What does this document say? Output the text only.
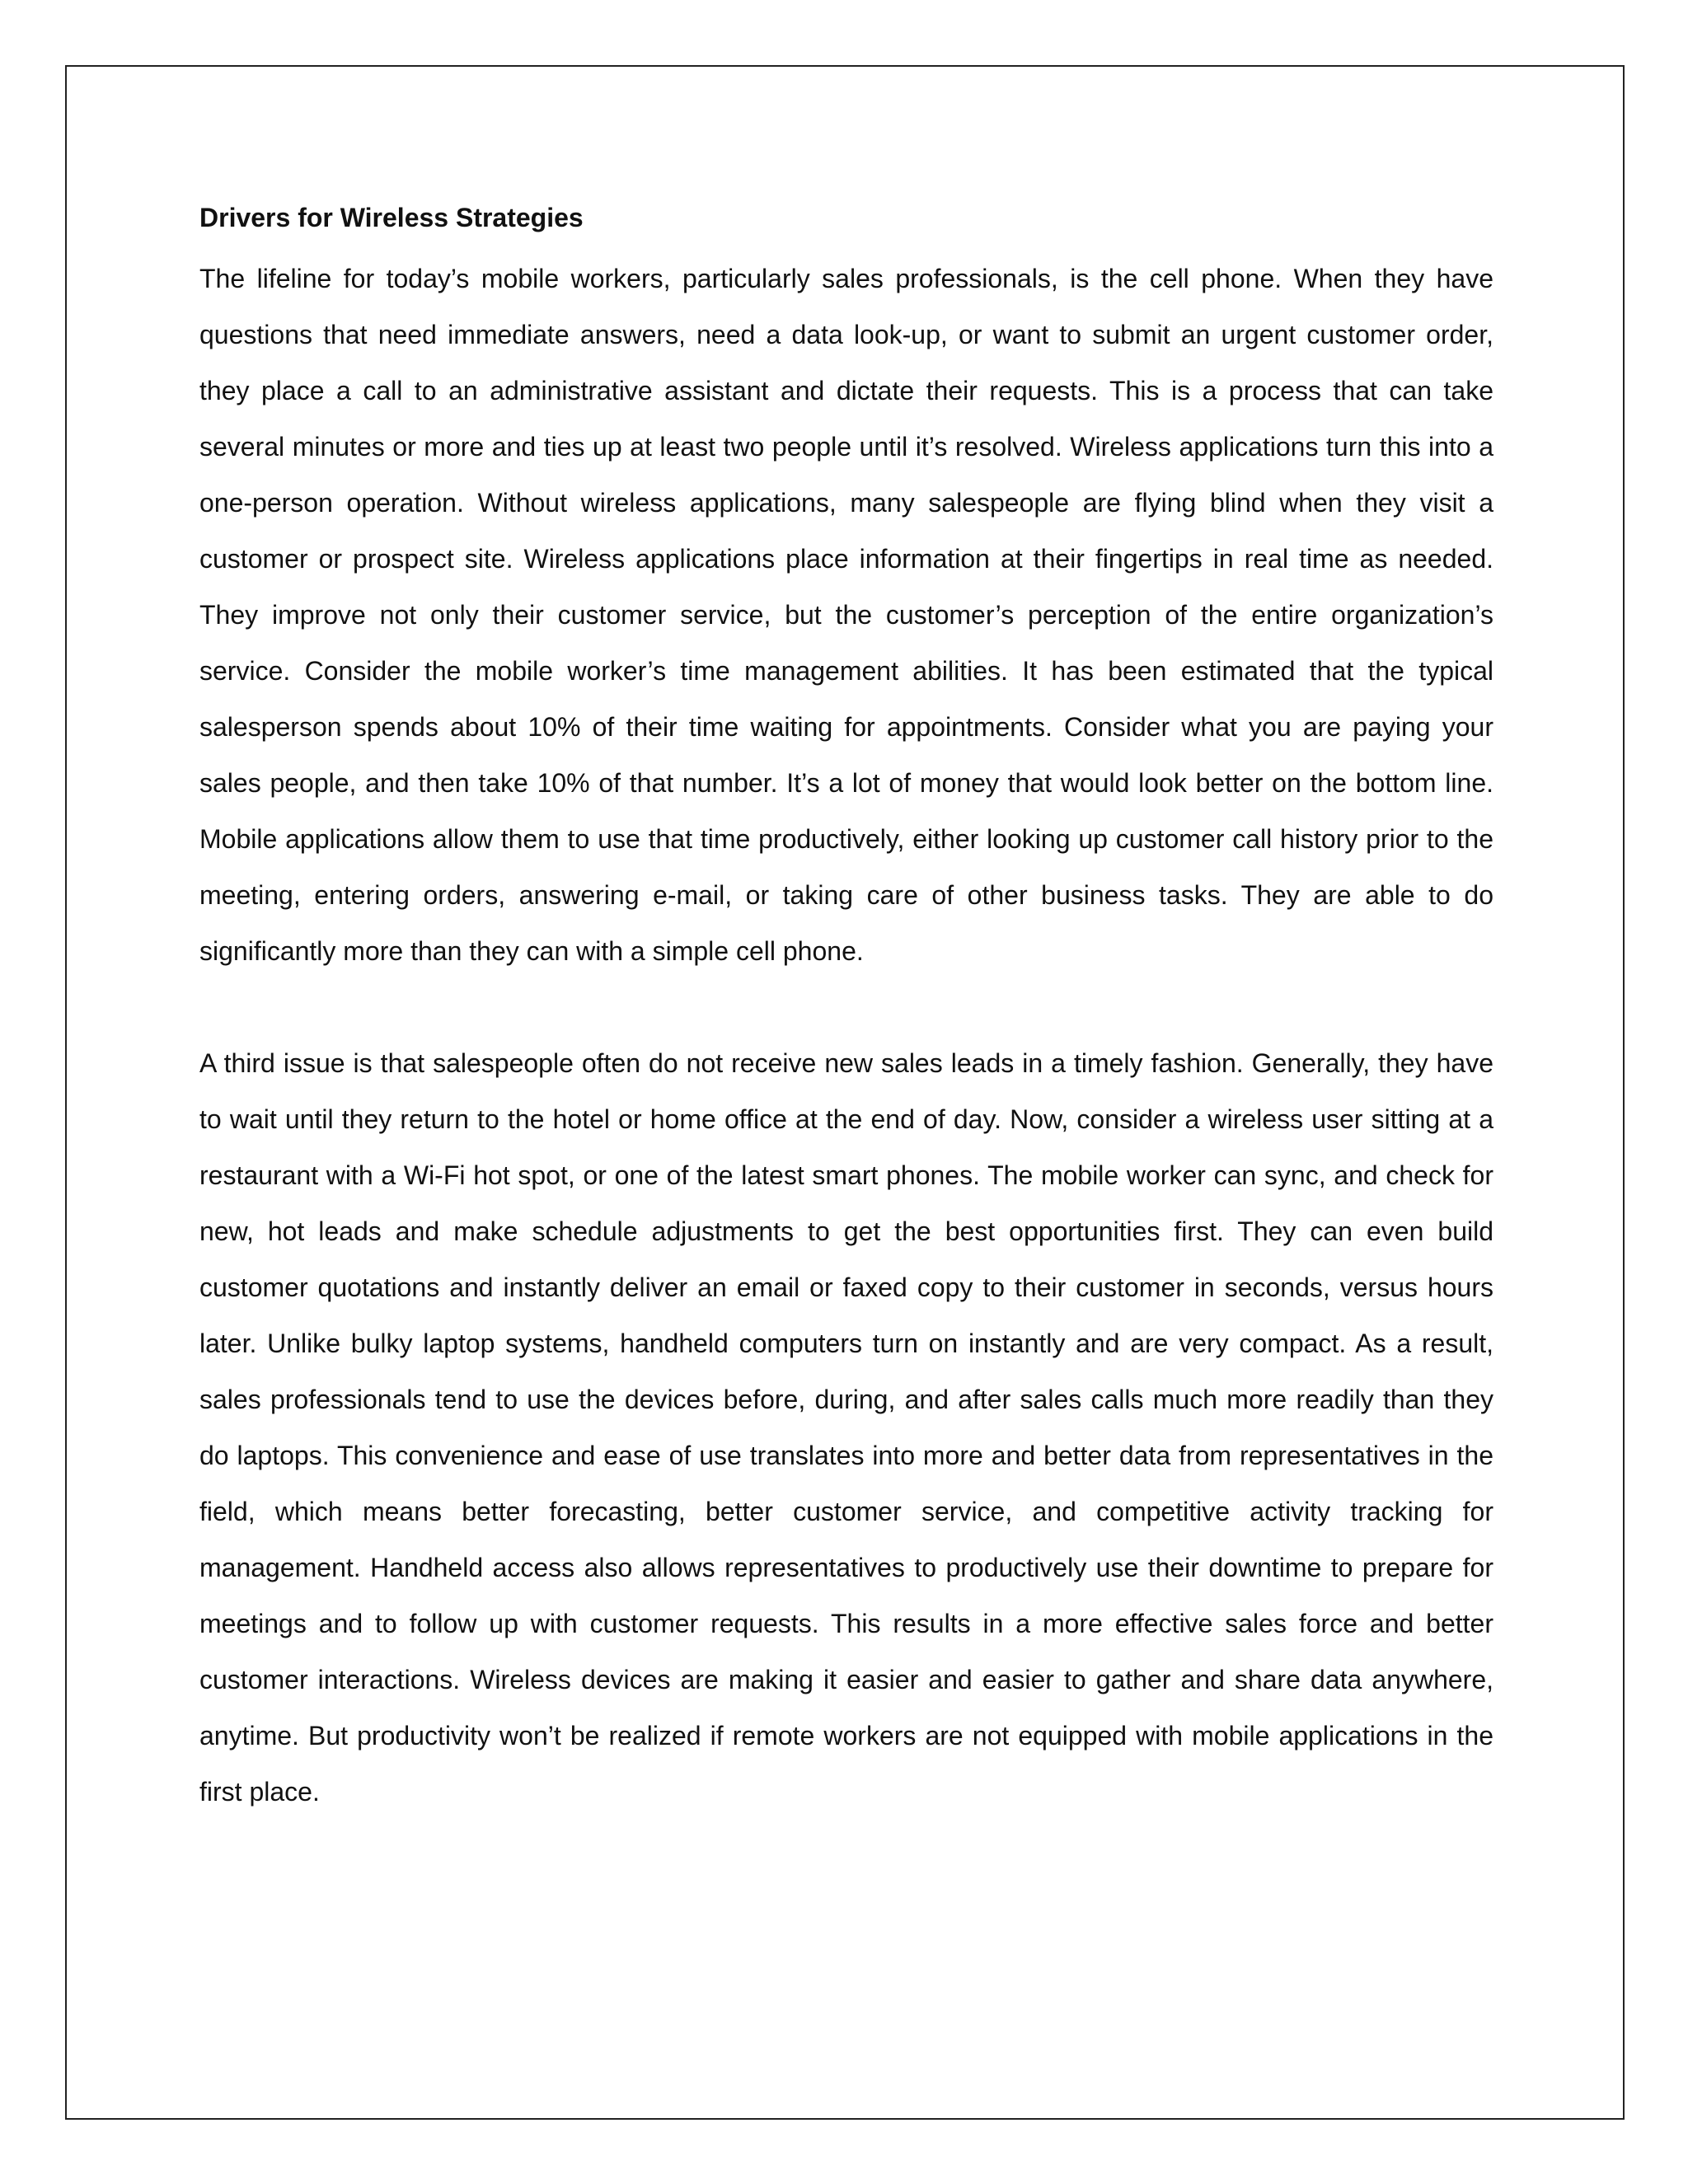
Drivers for Wireless Strategies

The lifeline for today’s mobile workers, particularly sales professionals, is the cell phone. When they have questions that need immediate answers, need a data look-up, or want to submit an urgent customer order, they place a call to an administrative assistant and dictate their requests. This is a process that can take several minutes or more and ties up at least two people until it’s resolved. Wireless applications turn this into a one-person operation. Without wireless applications, many salespeople are flying blind when they visit a customer or prospect site. Wireless applications place information at their fingertips in real time as needed. They improve not only their customer service, but the customer’s perception of the entire organization’s service. Consider the mobile worker’s time management abilities. It has been estimated that the typical salesperson spends about 10% of their time waiting for appointments. Consider what you are paying your sales people, and then take 10% of that number. It’s a lot of money that would look better on the bottom line. Mobile applications allow them to use that time productively, either looking up customer call history prior to the meeting, entering orders, answering e-mail, or taking care of other business tasks. They are able to do significantly more than they can with a simple cell phone.

A third issue is that salespeople often do not receive new sales leads in a timely fashion. Generally, they have to wait until they return to the hotel or home office at the end of day. Now, consider a wireless user sitting at a restaurant with a Wi-Fi hot spot, or one of the latest smart phones. The mobile worker can sync, and check for new, hot leads and make schedule adjustments to get the best opportunities first. They can even build customer quotations and instantly deliver an email or faxed copy to their customer in seconds, versus hours later. Unlike bulky laptop systems, handheld computers turn on instantly and are very compact. As a result, sales professionals tend to use the devices before, during, and after sales calls much more readily than they do laptops. This convenience and ease of use translates into more and better data from representatives in the field, which means better forecasting, better customer service, and competitive activity tracking for management. Handheld access also allows representatives to productively use their downtime to prepare for meetings and to follow up with customer requests. This results in a more effective sales force and better customer interactions. Wireless devices are making it easier and easier to gather and share data anywhere, anytime. But productivity won’t be realized if remote workers are not equipped with mobile applications in the first place.
